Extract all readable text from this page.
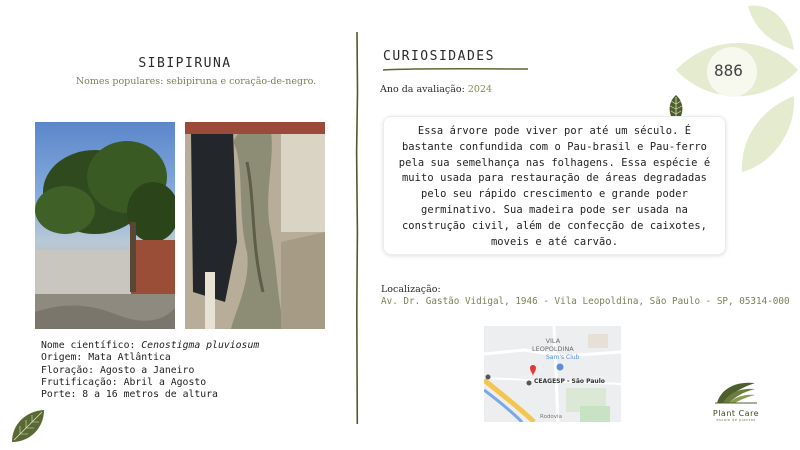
886
SIBIPIRUNA
Nomes populares: sebipiruna e coração-de-negro.
Nome científico: Cenostigma pluviosum
Origem: Mata Atlântica
Floração: Agosto a Janeiro
Frutificação: Abril a Agosto
Porte: 8 a 16 metros de altura
CURIOSIDADES
Ano da avaliação: 2024

Essa árvore pode viver por até um século. É bastante confundida com o Pau-brasil e Pau-ferro pela sua semelhança nas folhagens. Essa espécie é muito usada para restauração de áreas degradadas pelo seu rápido crescimento e grande poder germinativo. Sua madeira pode ser usada na construção civil, além de confecção de caixotes, moveis e até carvão.

Localização:
Av. Dr. Gastão Vidigal, 1946 - Vila Leopoldina, São Paulo - SP, 05314-000
VILA
LEOPOLDINA
Sam's Club
CEAGESP - São Paulo
Rodovia	Plant Care
escola de plantas
